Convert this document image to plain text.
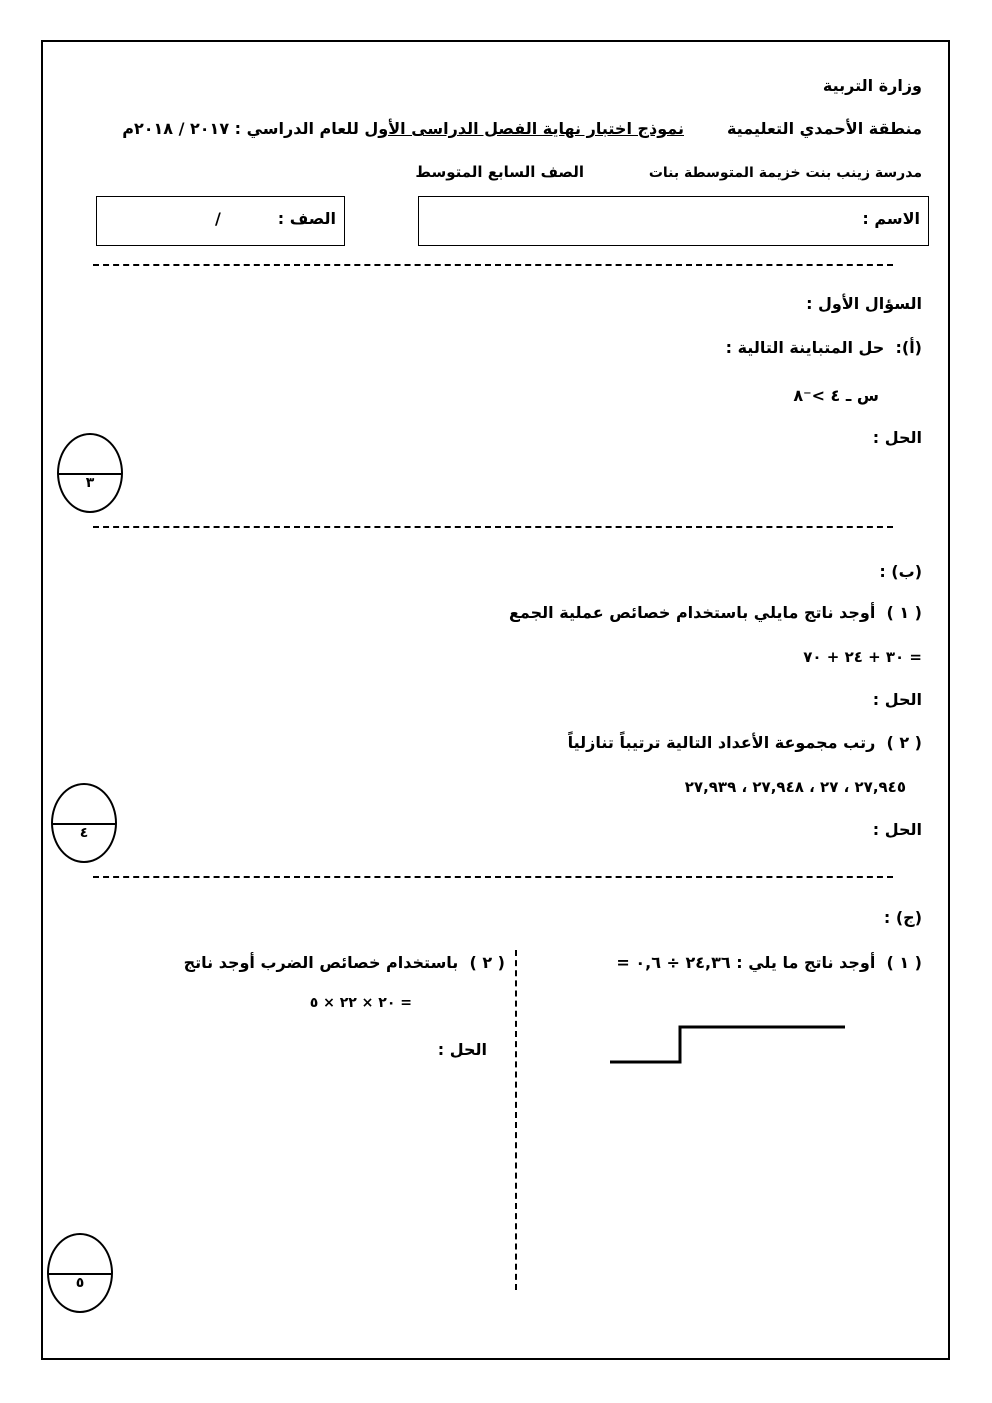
وزارة التربية
منطقة الأحمدي التعليمية
نموذج اختبار نهاية الفصل الدراسى الأول للعام الدراسي : ٢٠١٧ / ٢٠١٨م
مدرسة زينب بنت خزيمة المتوسطة بنات
الصف السابع المتوسط
الاسم :
الصف :
/
السؤال الأول :
(أ):  حل المتباينة التالية :
س ـ ٤ >⁻٨
الحل :
٣
(ب) :
( ١ )  أوجد ناتج مايلي باستخدام خصائص عملية الجمع
٣٠ + ٢٤ + ٧٠ =
الحل :
( ٢ )  رتب مجموعة الأعداد التالية ترتيباً تنازلياً
٢٧,٩٤٥ ، ٢٧ ، ٢٧,٩٤٨ ، ٢٧,٩٣٩
الحل :
٤
(ج) :
( ١ )  أوجد ناتج ما يلي : ٢٤,٣٦ ÷ ٠,٦ =
( ٢ )  باستخدام خصائص الضرب أوجد ناتج
٢٠ × ٢٢ × ٥ =
الحل :
٥
